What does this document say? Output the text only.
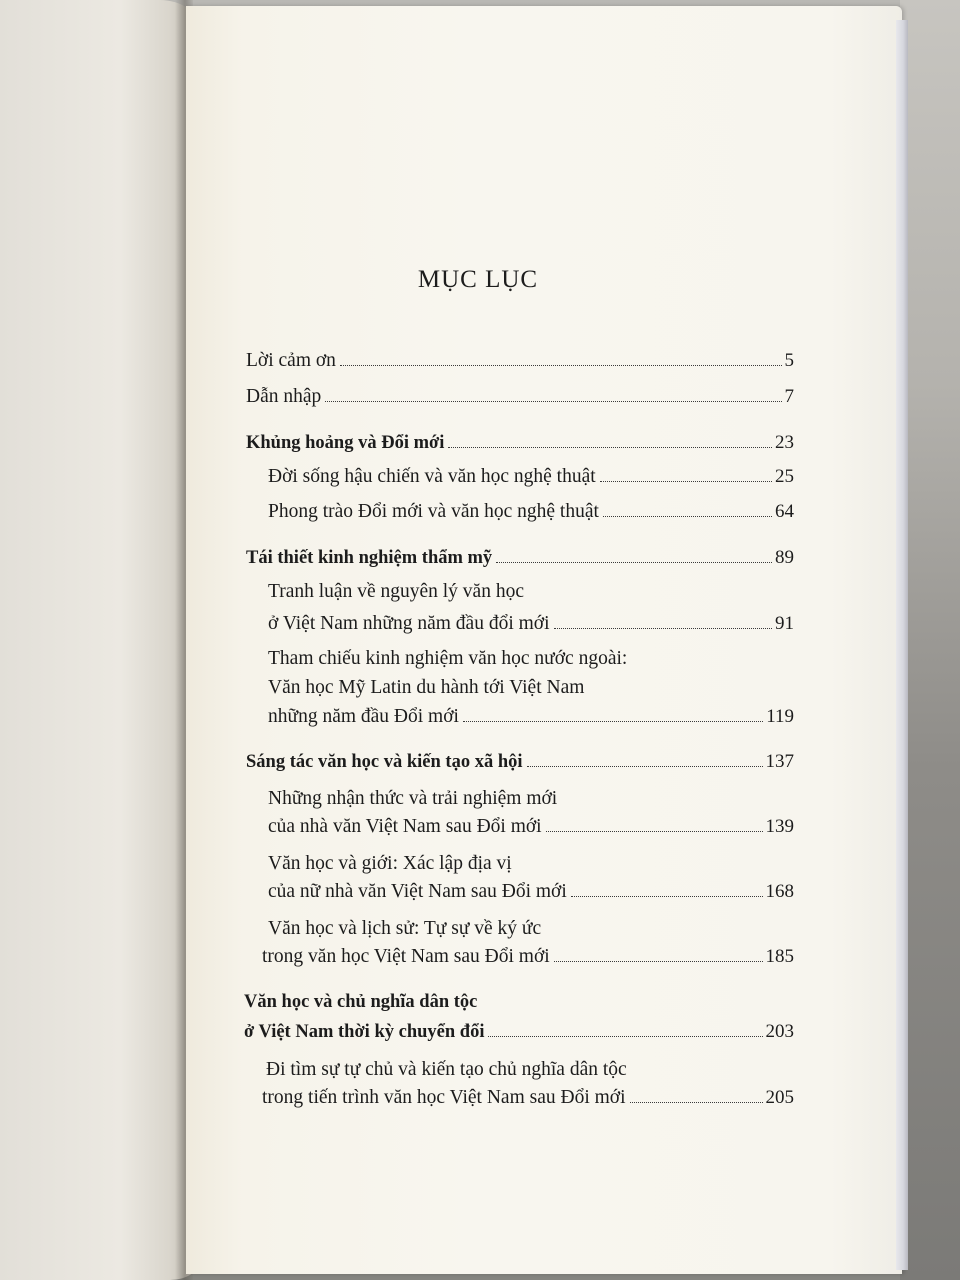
MỤC LỤC
Lời cảm ơn	5
Dẫn nhập	7
Khủng hoảng và Đổi mới	23
Đời sống hậu chiến và văn học nghệ thuật	25
Phong trào Đổi mới và văn học nghệ thuật	64
Tái thiết kinh nghiệm thẩm mỹ	89
Tranh luận về nguyên lý văn học
ở Việt Nam những năm đầu đổi mới	91
Tham chiếu kinh nghiệm văn học nước ngoài:
Văn học Mỹ Latin du hành tới Việt Nam
những năm đầu Đổi mới	119
Sáng tác văn học và kiến tạo xã hội	137
Những nhận thức và trải nghiệm mới
của nhà văn Việt Nam sau Đổi mới	139
Văn học và giới: Xác lập địa vị
của nữ nhà văn Việt Nam sau Đổi mới	168
Văn học và lịch sử: Tự sự về ký ức
trong văn học Việt Nam sau Đổi mới	185
Văn học và chủ nghĩa dân tộc
ở Việt Nam thời kỳ chuyển đổi	203
Đi tìm sự tự chủ và kiến tạo chủ nghĩa dân tộc
trong tiến trình văn học Việt Nam sau Đổi mới	205
